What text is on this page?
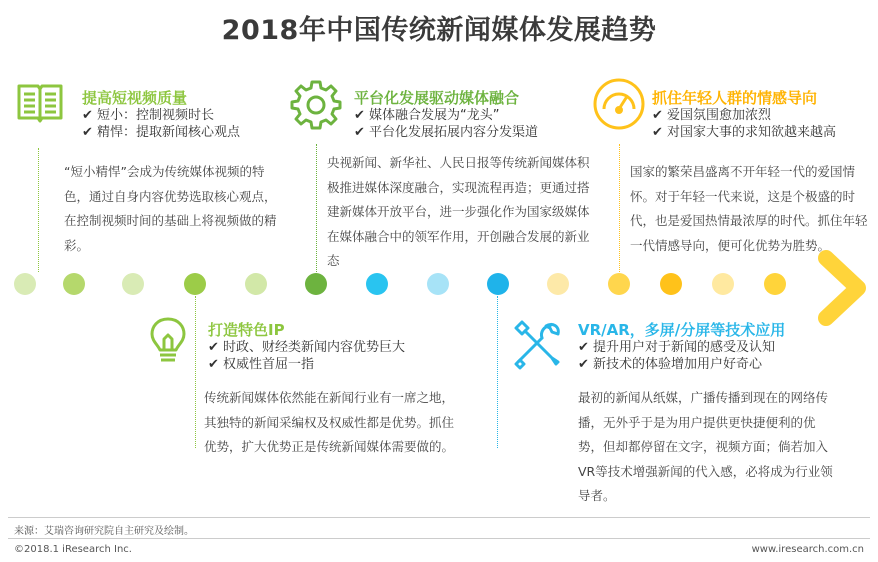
2018年中国传统新闻媒体发展趋势
提高短视频质量
✔ 短小：控制视频时长
✔ 精悍：提取新闻核心观点
“短小精悍”会成为传统媒体视频的特色，通过自身内容优势选取核心观点，在控制视频时间的基础上将视频做的精彩。
平台化发展驱动媒体融合
✔ 媒体融合发展为“龙头”
✔ 平台化发展拓展内容分发渠道
央视新闻、新华社、人民日报等传统新闻媒体积极推进媒体深度融合，实现流程再造；更通过搭建新媒体开放平台，进一步强化作为国家级媒体在媒体融合中的领军作用，开创融合发展的新业态
抓住年轻人群的情感导向
✔ 爱国氛围愈加浓烈
✔ 对国家大事的求知欲越来越高
国家的繁荣昌盛离不开年轻一代的爱国情怀。对于年轻一代来说，这是个极盛的时代，也是爱国热情最浓厚的时代。抓住年轻一代情感导向，便可化优势为胜势。
打造特色IP
✔ 时政、财经类新闻内容优势巨大
✔ 权威性首屈一指
传统新闻媒体依然能在新闻行业有一席之地，其独特的新闻采编权及权威性都是优势。抓住优势，扩大优势正是传统新闻媒体需要做的。
VR/AR，多屏/分屏等技术应用
✔ 提升用户对于新闻的感受及认知
✔ 新技术的体验增加用户好奇心
最初的新闻从纸媒，广播传播到现在的网络传播，无外乎于是为用户提供更快捷便利的优势，但却都停留在文字，视频方面；倘若加入VR等技术增强新闻的代入感，必将成为行业领导者。
来源：艾瑞咨询研究院自主研究及绘制。
©2018.1 iResearch Inc.	www.iresearch.com.cn
